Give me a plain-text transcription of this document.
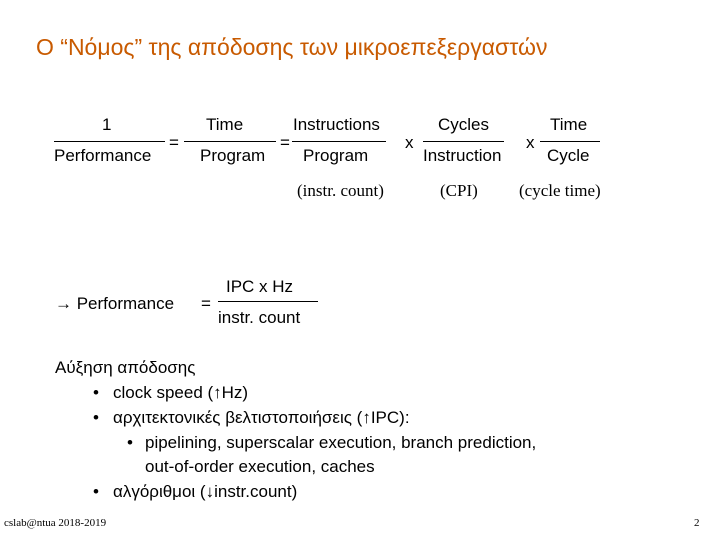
Ο “Νόμος” της απόδοσης των μικροεπεξεργαστών
1
Performance
=
Time
Program
=
Instructions
Program
x
Cycles
Instruction
x
Time
Cycle
(instr. count)	(CPI) (cycle time)
IPC x Hz
→ Performance =
instr. count
Αύξηση απόδοσης
• clock speed (↑Hz)
• αρχιτεκτονικές βελτιστοποιήσεις (↑IPC):
• pipelining, superscalar execution, branch prediction,
out-of-order execution, caches
• αλγόριθμοι (↓instr.count)
cslab@ntua 2018-2019	2
